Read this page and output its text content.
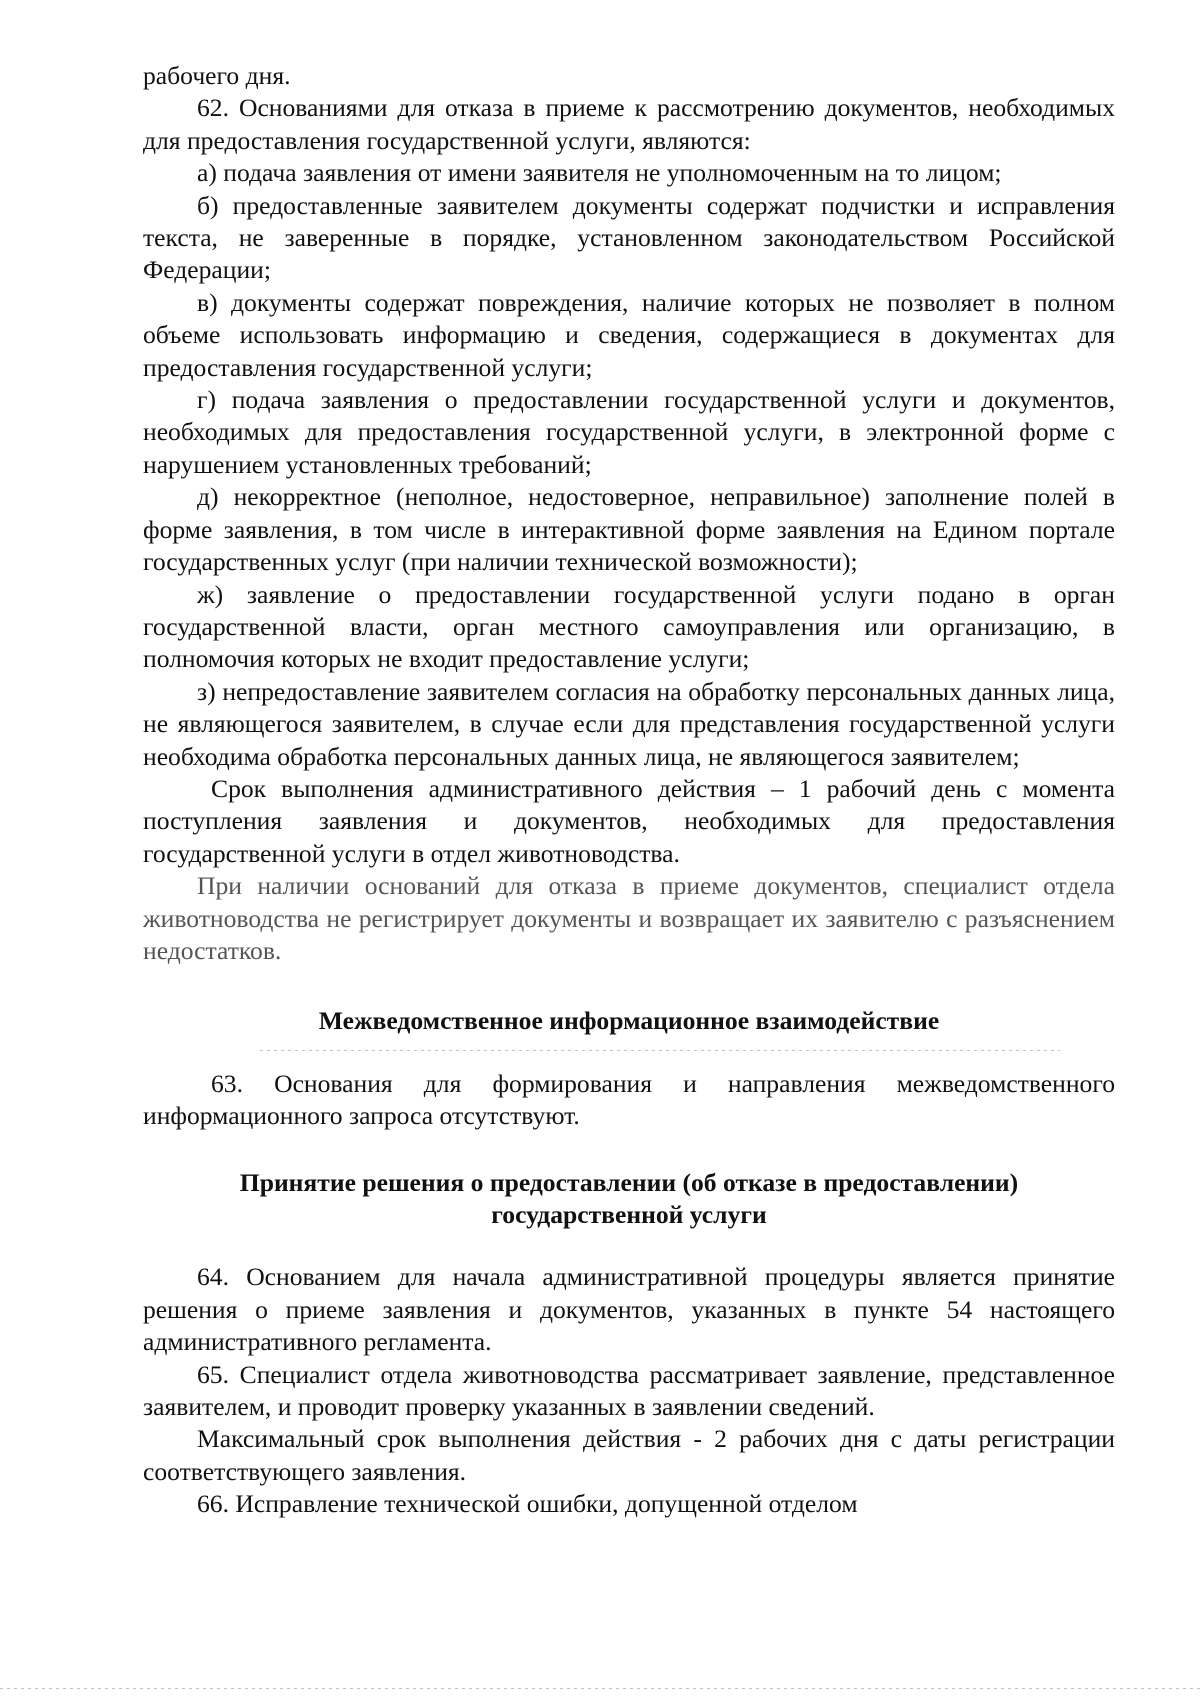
рабочего дня.

62. Основаниями для отказа в приеме к рассмотрению документов, необходимых для предоставления государственной услуги, являются:

а) подача заявления от имени заявителя не уполномоченным на то лицом;

б) предоставленные заявителем документы содержат подчистки и исправления текста, не заверенные в порядке, установленном законодательством Российской Федерации;

в) документы содержат повреждения, наличие которых не позволяет в полном объеме использовать информацию и сведения, содержащиеся в документах для предоставления государственной услуги;

г) подача заявления о предоставлении государственной услуги и документов, необходимых для предоставления государственной услуги, в электронной форме с нарушением установленных требований;

д) некорректное (неполное, недостоверное, неправильное) заполнение полей в форме заявления, в том числе в интерактивной форме заявления на Едином портале государственных услуг (при наличии технической возможности);

ж) заявление о предоставлении государственной услуги подано в орган государственной власти, орган местного самоуправления или организацию, в полномочия которых не входит предоставление услуги;

з) непредоставление заявителем согласия на обработку персональных данных лица, не являющегося заявителем, в случае если для представления государственной услуги необходима обработка персональных данных лица, не являющегося заявителем;

Срок выполнения административного действия – 1 рабочий день с момента поступления заявления и документов, необходимых для предоставления государственной услуги в отдел животноводства.

При наличии оснований для отказа в приеме документов, специалист отдела животноводства не регистрирует документы и возвращает их заявителю с разъяснением недостатков.

Межведомственное информационное взаимодействие

63. Основания для формирования и направления межведомственного информационного запроса отсутствуют.

Принятие решения о предоставлении (об отказе в предоставлении)

государственной услуги

64. Основанием для начала административной процедуры является принятие решения о приеме заявления и документов, указанных в пункте 54 настоящего административного регламента.

65. Специалист отдела животноводства рассматривает заявление, представленное заявителем, и проводит проверку указанных в заявлении сведений.

Максимальный срок выполнения действия - 2 рабочих дня с даты регистрации соответствующего заявления.

66. Исправление технической ошибки, допущенной отделом
